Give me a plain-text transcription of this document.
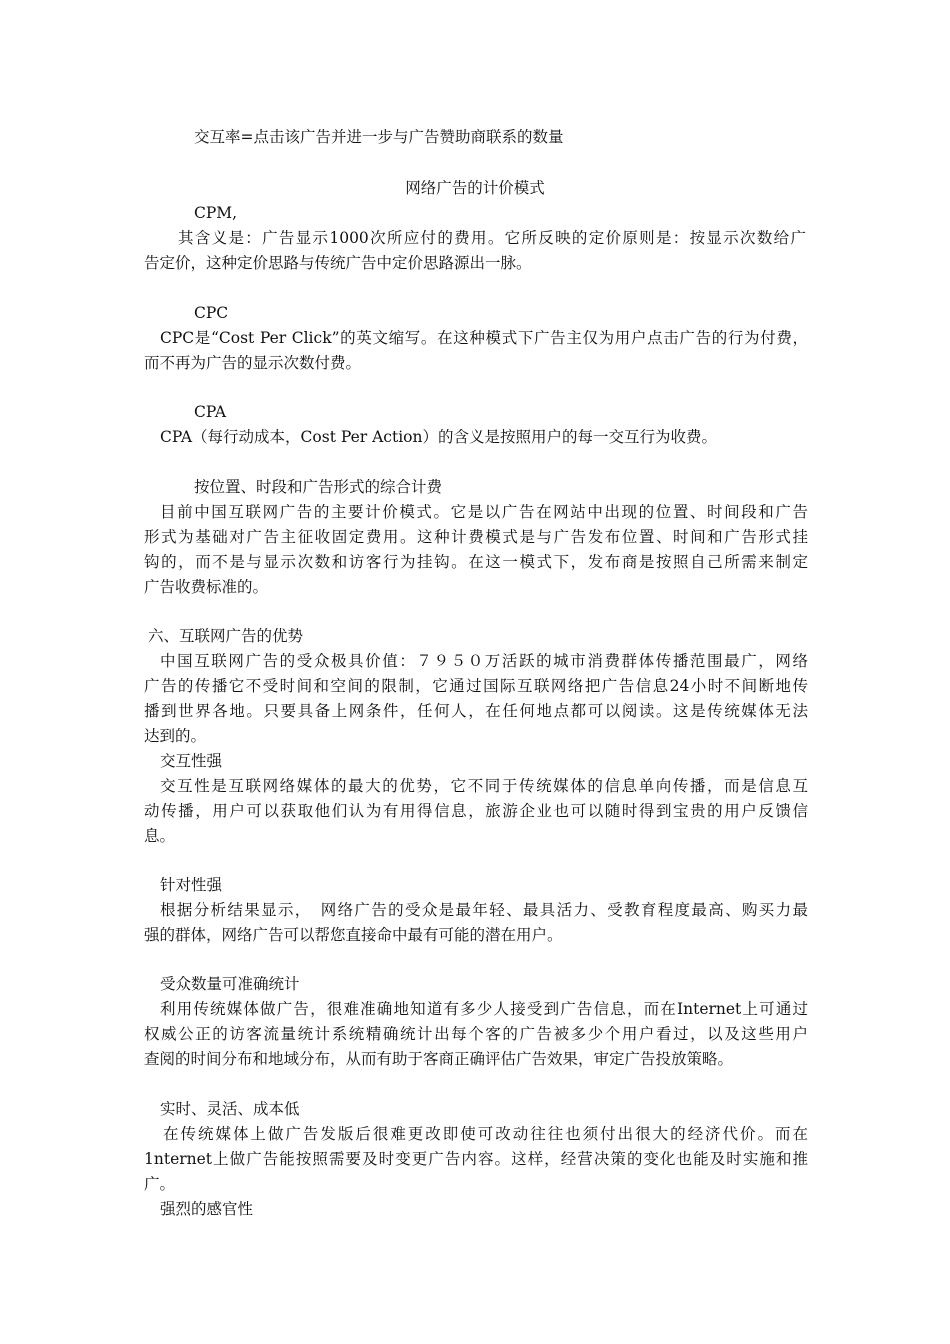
交互率=点击该广告并进一步与广告赞助商联系的数量
网络广告的计价模式
CPM,
其含义是：广告显示1000次所应付的费用。它所反映的定价原则是：按显示次数给广
告定价，这种定价思路与传统广告中定价思路源出一脉。
CPC
CPC是“Cost Per Click”的英文缩写。在这种模式下广告主仅为用户点击广告的行为付费，
而不再为广告的显示次数付费。
CPA
CPA（每行动成本，Cost Per Action）的含义是按照用户的每一交互行为收费。
按位置、时段和广告形式的综合计费
目前中国互联网广告的主要计价模式。它是以广告在网站中出现的位置、时间段和广告
形式为基础对广告主征收固定费用。这种计费模式是与广告发布位置、时间和广告形式挂
钩的，而不是与显示次数和访客行为挂钩。在这一模式下，发布商是按照自己所需来制定
广告收费标准的。
六、互联网广告的优势
中国互联网广告的受众极具价值：７９５０万活跃的城市消费群体传播范围最广，网络
广告的传播它不受时间和空间的限制，它通过国际互联网络把广告信息24小时不间断地传
播到世界各地。只要具备上网条件，任何人，在任何地点都可以阅读。这是传统媒体无法
达到的。
交互性强
交互性是互联网络媒体的最大的优势，它不同于传统媒体的信息单向传播，而是信息互
动传播，用户可以获取他们认为有用得信息，旅游企业也可以随时得到宝贵的用户反馈信
息。
针对性强
根据分析结果显示，　网络广告的受众是最年轻、最具活力、受教育程度最高、购买力最
强的群体，网络广告可以帮您直接命中最有可能的潜在用户。
受众数量可准确统计
利用传统媒体做广告，很难准确地知道有多少人接受到广告信息，而在Internet上可通过
权威公正的访客流量统计系统精确统计出每个客的广告被多少个用户看过，以及这些用户
查阅的时间分布和地域分布，从而有助于客商正确评估广告效果，审定广告投放策略。
实时、灵活、成本低
在传统媒体上做广告发版后很难更改即使可改动往往也须付出很大的经济代价。而在
1nternet上做广告能按照需要及时变更广告内容。这样，经营决策的变化也能及时实施和推
广。
强烈的感官性
